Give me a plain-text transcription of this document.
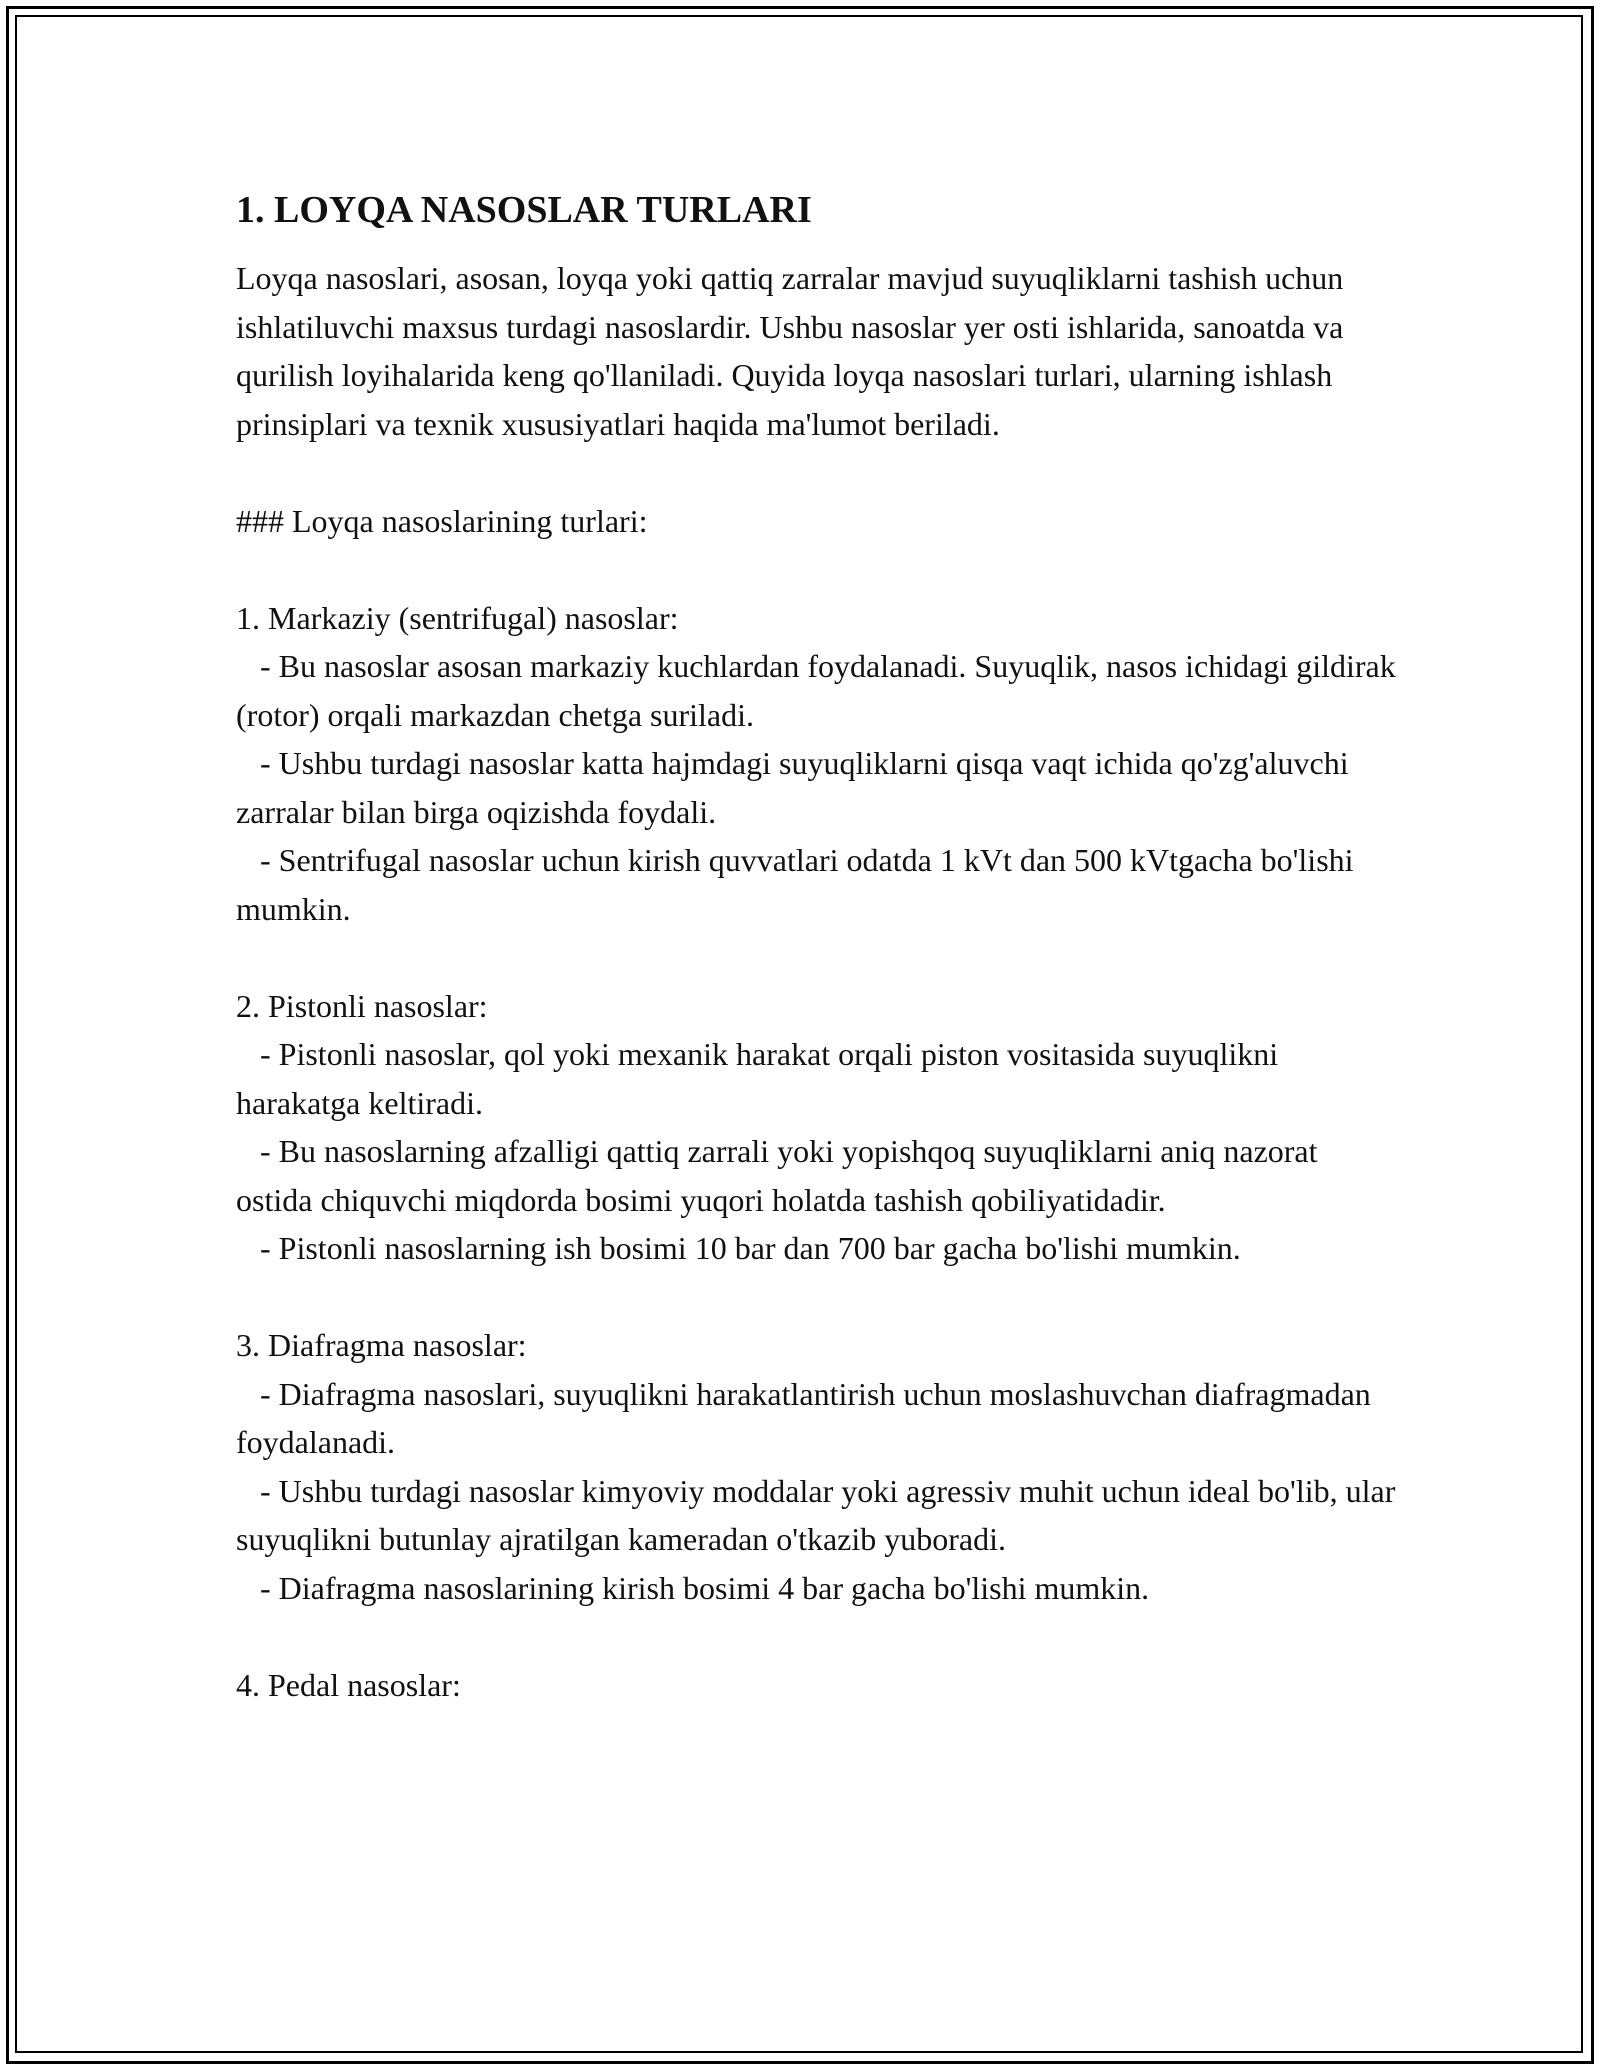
1. LOYQA NASOSLAR TURLARI

Loyqa nasoslari, asosan, loyqa yoki qattiq zarralar mavjud suyuqliklarni tashish uchun ishlatiluvchi maxsus turdagi nasoslardir. Ushbu nasoslar yer osti ishlarida, sanoatda va qurilish loyihalarida keng qo'llaniladi. Quyida loyqa nasoslari turlari, ularning ishlash prinsiplari va texnik xususiyatlari haqida ma'lumot beriladi.

### Loyqa nasoslarining turlari:

1. Markaziy (sentrifugal) nasoslar:

- Bu nasoslar asosan markaziy kuchlardan foydalanadi. Suyuqlik, nasos ichidagi gildirak (rotor) orqali markazdan chetga suriladi.

- Ushbu turdagi nasoslar katta hajmdagi suyuqliklarni qisqa vaqt ichida qo'zg'aluvchi zarralar bilan birga oqizishda foydali.

- Sentrifugal nasoslar uchun kirish quvvatlari odatda 1 kVt dan 500 kVtgacha bo'lishi mumkin.

2. Pistonli nasoslar:

- Pistonli nasoslar, qol yoki mexanik harakat orqali piston vositasida suyuqlikni harakatga keltiradi.

- Bu nasoslarning afzalligi qattiq zarrali yoki yopishqoq suyuqliklarni aniq nazorat ostida chiquvchi miqdorda bosimi yuqori holatda tashish qobiliyatidadir.

- Pistonli nasoslarning ish bosimi 10 bar dan 700 bar gacha bo'lishi mumkin.

3. Diafragma nasoslar:

- Diafragma nasoslari, suyuqlikni harakatlantirish uchun moslashuvchan diafragmadan foydalanadi.

- Ushbu turdagi nasoslar kimyoviy moddalar yoki agressiv muhit uchun ideal bo'lib, ular suyuqlikni butunlay ajratilgan kameradan o'tkazib yuboradi.

- Diafragma nasoslarining kirish bosimi 4 bar gacha bo'lishi mumkin.

4. Pedal nasoslar:
